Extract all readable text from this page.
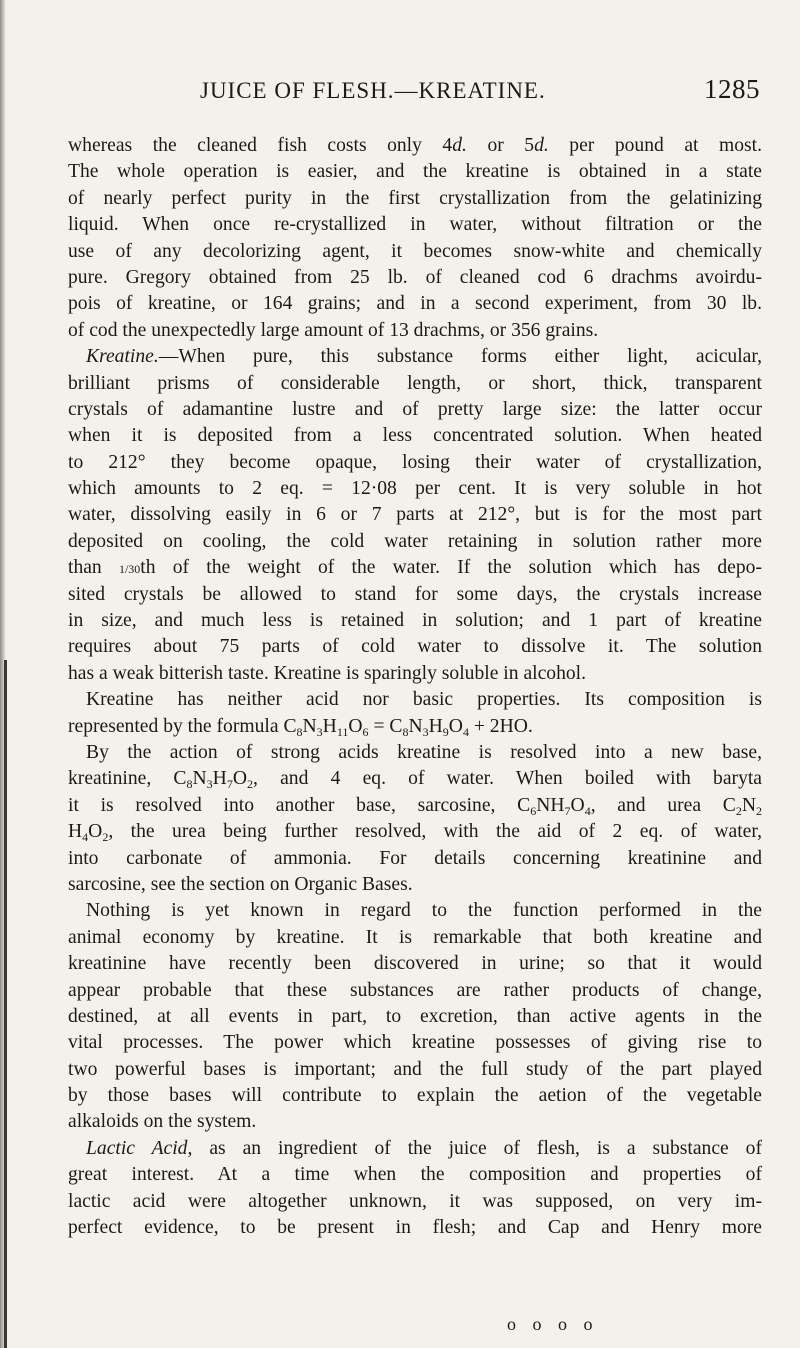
JUICE OF FLESH.—KREATINE.	1285
whereas the cleaned fish costs only 4d. or 5d. per pound at most.
The whole operation is easier, and the kreatine is obtained in a state
of nearly perfect purity in the first crystallization from the gelatinizing
liquid. When once re-crystallized in water, without filtration or the
use of any decolorizing agent, it becomes snow-white and chemically
pure. Gregory obtained from 25 lb. of cleaned cod 6 drachms avoirdu-
pois of kreatine, or 164 grains; and in a second experiment, from 30 lb.
of cod the unexpectedly large amount of 13 drachms, or 356 grains.
Kreatine.—When pure, this substance forms either light, acicular,
brilliant prisms of considerable length, or short, thick, transparent
crystals of adamantine lustre and of pretty large size: the latter occur
when it is deposited from a less concentrated solution. When heated
to 212° they become opaque, losing their water of crystallization,
which amounts to 2 eq. = 12·08 per cent. It is very soluble in hot
water, dissolving easily in 6 or 7 parts at 212°, but is for the most part
deposited on cooling, the cold water retaining in solution rather more
than 1/30th of the weight of the water. If the solution which has depo-
sited crystals be allowed to stand for some days, the crystals increase
in size, and much less is retained in solution; and 1 part of kreatine
requires about 75 parts of cold water to dissolve it. The solution
has a weak bitterish taste. Kreatine is sparingly soluble in alcohol.
Kreatine has neither acid nor basic properties. Its composition is
represented by the formula $C_8N_3H_{11}O_6 = C_8N_3H_9O_4 + 2HO$.
By the action of strong acids kreatine is resolved into a new base,
kreatinine, $C_8N_3H_7O_2$, and 4 eq. of water. When boiled with baryta
it is resolved into another base, sarcosine, $C_6NH_7O_4$, and urea $C_2N_2$
$H_4O_2$, the urea being further resolved, with the aid of 2 eq. of water,
into carbonate of ammonia. For details concerning kreatinine and
sarcosine, see the section on Organic Bases.
Nothing is yet known in regard to the function performed in the
animal economy by kreatine. It is remarkable that both kreatine and
kreatinine have recently been discovered in urine; so that it would
appear probable that these substances are rather products of change,
destined, at all events in part, to excretion, than active agents in the
vital processes. The power which kreatine possesses of giving rise to
two powerful bases is important; and the full study of the part played
by those bases will contribute to explain the aetion of the vegetable
alkaloids on the system.
Lactic Acid, as an ingredient of the juice of flesh, is a substance of
great interest. At a time when the composition and properties of
lactic acid were altogether unknown, it was supposed, on very im-
perfect evidence, to be present in flesh; and Cap and Henry more
o o o o
